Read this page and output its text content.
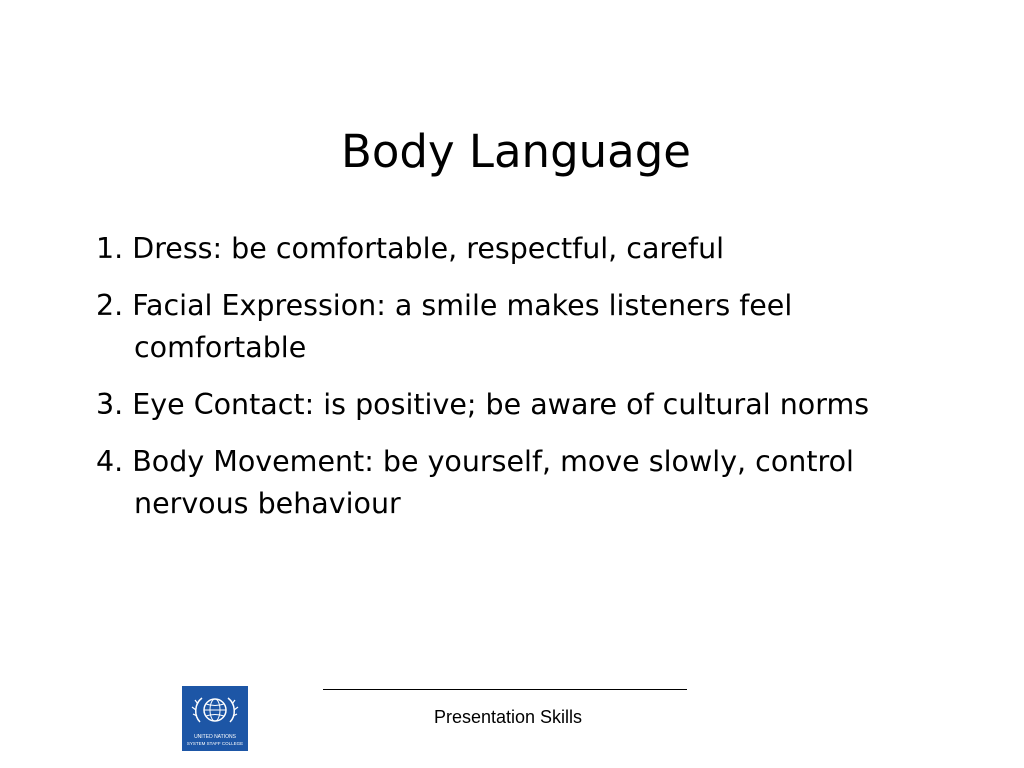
Body Language
1. Dress: be comfortable, respectful, careful
2. Facial Expression: a smile makes listeners feel comfortable
3. Eye Contact: is positive; be aware of cultural norms
4. Body Movement: be yourself, move slowly, control nervous behaviour
UNITED NATIONS
SYSTEM STAFF COLLEGE
Presentation Skills
